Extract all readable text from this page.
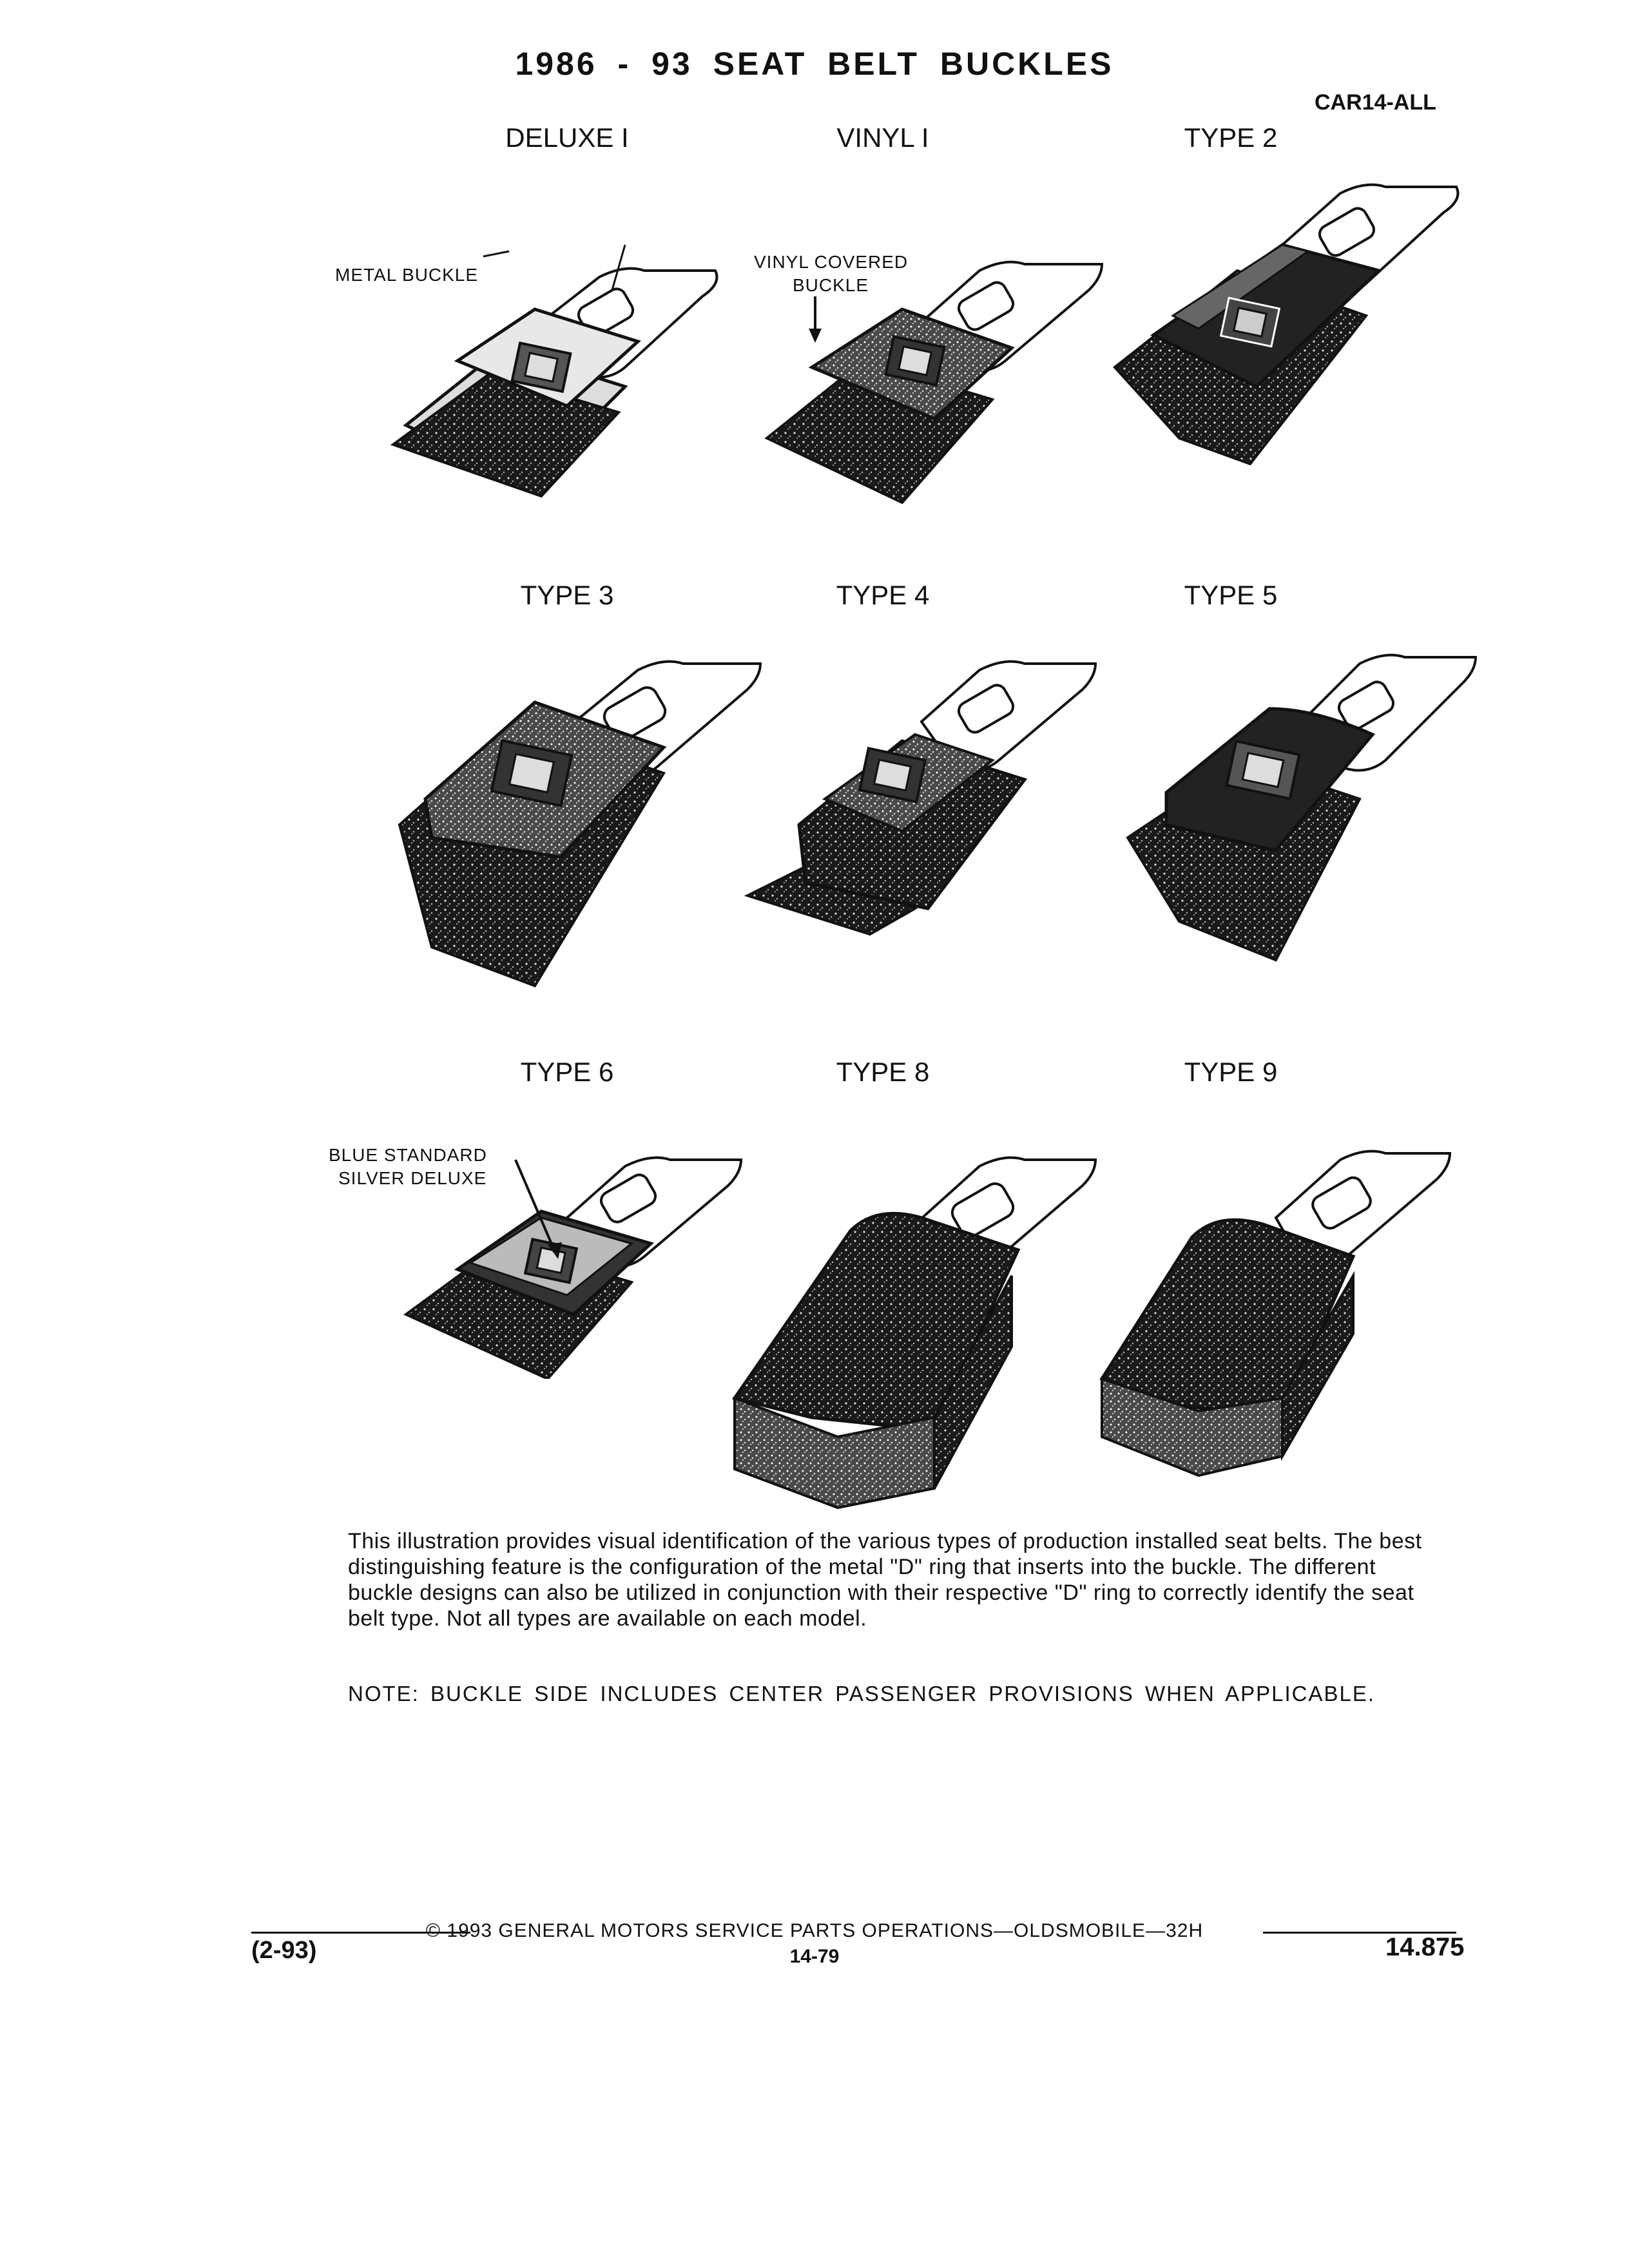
1986 - 93 SEAT BELT BUCKLES
CAR14-ALL
DELUXE I	VINYL I	TYPE 2
TYPE 3	TYPE 4	TYPE 5
TYPE 6	TYPE 8	TYPE 9
METAL BUCKLE
VINYL COVERED
BUCKLE
BLUE STANDARD
SILVER DELUXE
This illustration provides visual identification of the various types of production installed seat belts. The best distinguishing feature is the configuration of the metal "D" ring that inserts into the buckle. The different buckle designs can also be utilized in conjunction with their respective "D" ring to correctly identify the seat belt type. Not all types are available on each model.
NOTE: BUCKLE SIDE INCLUDES CENTER PASSENGER PROVISIONS WHEN APPLICABLE.
© 1993 GENERAL MOTORS SERVICE PARTS OPERATIONS—OLDSMOBILE—32H
14-79
(2-93)	14.875
